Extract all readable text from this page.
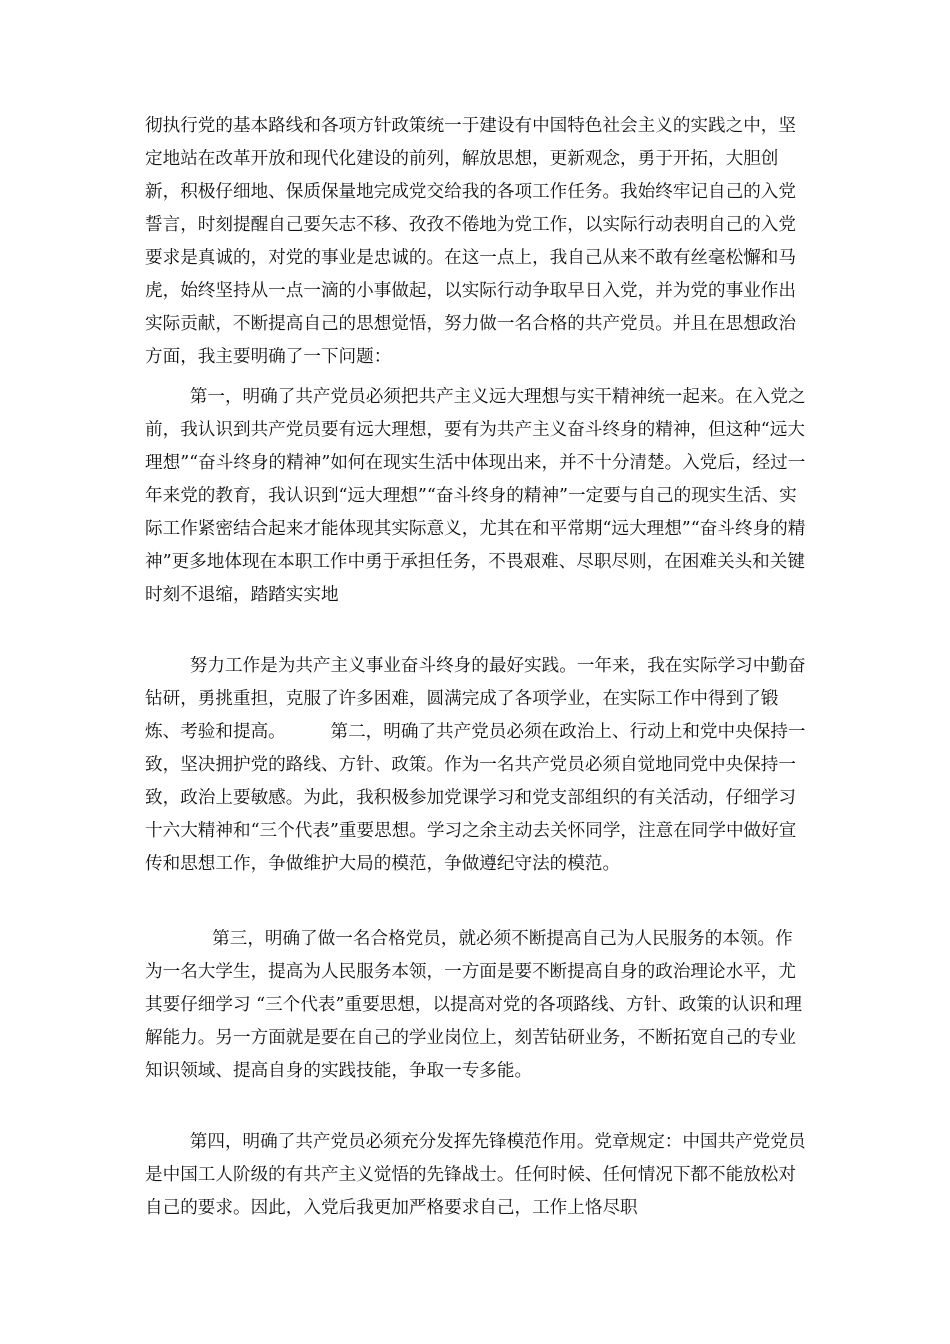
彻执行党的基本路线和各项方针政策统一于建设有中国特色社会主义的实践之中，坚定地站在改革开放和现代化建设的前列，解放思想，更新观念，勇于开拓，大胆创新，积极仔细地、保质保量地完成党交给我的各项工作任务。我始终牢记自己的入党誓言，时刻提醒自己要矢志不移、孜孜不倦地为党工作，以实际行动表明自己的入党要求是真诚的，对党的事业是忠诚的。在这一点上，我自己从来不敢有丝毫松懈和马虎，始终坚持从一点一滴的小事做起，以实际行动争取早日入党，并为党的事业作出实际贡献，不断提高自己的思想觉悟，努力做一名合格的共产党员。并且在思想政治方面，我主要明确了一下问题：

第一，明确了共产党员必须把共产主义远大理想与实干精神统一起来。在入党之前，我认识到共产党员要有远大理想，要有为共产主义奋斗终身的精神，但这种“远大理想”“奋斗终身的精神”如何在现实生活中体现出来，并不十分清楚。入党后，经过一年来党的教育，我认识到“远大理想”“奋斗终身的精神”一定要与自己的现实生活、实际工作紧密结合起来才能体现其实际意义，尤其在和平常期“远大理想”“奋斗终身的精神”更多地体现在本职工作中勇于承担任务，不畏艰难、尽职尽则，在困难关头和关键时刻不退缩，踏踏实实地

努力工作是为共产主义事业奋斗终身的最好实践。一年来，我在实际学习中勤奋钻研，勇挑重担，克服了许多困难，圆满完成了各项学业，在实际工作中得到了锻炼、考验和提高。        第二，明确了共产党员必须在政治上、行动上和党中央保持一致，坚决拥护党的路线、方针、政策。作为一名共产党员必须自觉地同党中央保持一致，政治上要敏感。为此，我积极参加党课学习和党支部组织的有关活动，仔细学习十六大精神和“三个代表”重要思想。学习之余主动去关怀同学，注意在同学中做好宣传和思想工作，争做维护大局的模范，争做遵纪守法的模范。

第三，明确了做一名合格党员，就必须不断提高自己为人民服务的本领。作为一名大学生，提高为人民服务本领，一方面是要不断提高自身的政治理论水平，尤其要仔细学习 “三个代表”重要思想，以提高对党的各项路线、方针、政策的认识和理解能力。另一方面就是要在自己的学业岗位上，刻苦钻研业务，不断拓宽自己的专业知识领域、提高自身的实践技能，争取一专多能。

第四，明确了共产党员必须充分发挥先锋模范作用。党章规定：中国共产党党员是中国工人阶级的有共产主义觉悟的先锋战士。任何时候、任何情况下都不能放松对自己的要求。因此，入党后我更加严格要求自己，工作上恪尽职
